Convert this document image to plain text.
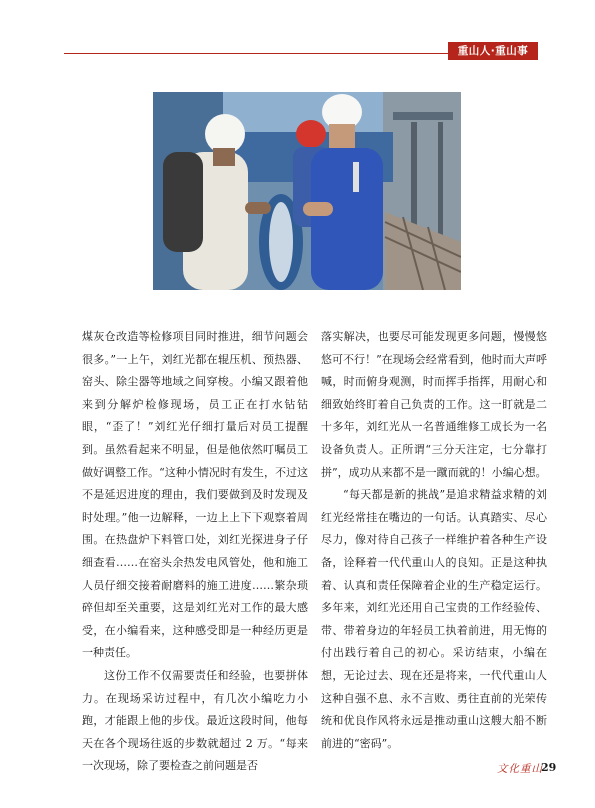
重山人·重山事

煤灰仓改造等检修项目同时推进，细节问题会很多。”一上午，刘红光都在辊压机、预热器、窑头、除尘器等地域之间穿梭。小编又跟着他来到分解炉检修现场，员工正在打水钻钻眼，“歪了！”刘红光仔细打量后对员工提醒到。虽然看起来不明显，但是他依然叮嘱员工做好调整工作。“这种小情况时有发生，不过这不是延迟进度的理由，我们要做到及时发现及时处理。”他一边解释，一边上上下下观察着周围。在热盘炉下料管口处，刘红光探进身子仔细查看……在窑头余热发电风管处，他和施工人员仔细交接着耐磨料的施工进度……繁杂琐碎但却至关重要，这是刘红光对工作的最大感受，在小编看来，这种感受即是一种经历更是一种责任。

这份工作不仅需要责任和经验，也要拼体力。在现场采访过程中，有几次小编吃力小跑，才能跟上他的步伐。最近这段时间，他每天在各个现场往返的步数就超过 2 万。“每来一次现场，除了要检查之前问题是否

落实解决，也要尽可能发现更多问题，慢慢悠悠可不行！”在现场会经常看到，他时而大声呼喊，时而俯身观测，时而挥手指挥，用耐心和细致始终盯着自己负责的工作。这一盯就是二十多年，刘红光从一名普通维修工成长为一名设备负责人。正所谓“三分天注定，七分靠打拼”，成功从来都不是一蹴而就的！小编心想。

“每天都是新的挑战”是追求精益求精的刘红光经常挂在嘴边的一句话。认真踏实、尽心尽力，像对待自己孩子一样维护着各种生产设备，诠释着一代代重山人的良知。正是这种执着、认真和责任保障着企业的生产稳定运行。多年来，刘红光还用自己宝贵的工作经验传、带、带着身边的年轻员工执着前进，用无悔的付出践行着自己的初心。采访结束，小编在想，无论过去、现在还是将来，一代代重山人这种自强不息、永不言败、勇往直前的光荣传统和优良作风将永远是推动重山这艘大船不断前进的“密码”。

文化重山
29
